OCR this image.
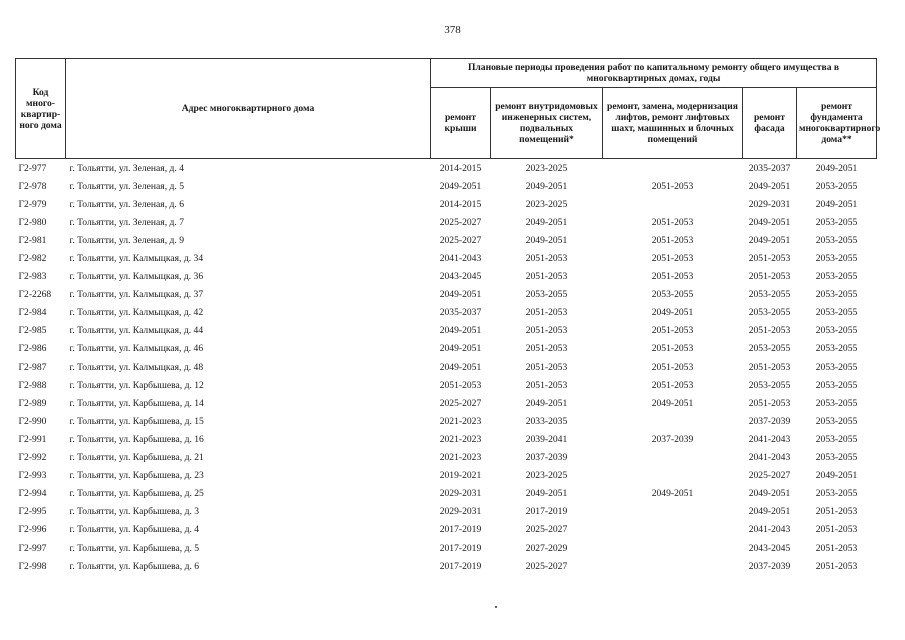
378
Код много-квартир-ного дома	Адрес многоквартирного дома	Плановые периоды проведения работ по капитальному ремонту общего имущества в многоквартирных домах, годы				
		ремонт крыши	ремонт внутридомовых инженерных систем, подвальных помещений*	ремонт, замена, модернизация лифтов, ремонт лифтовых шахт, машинных и блочных помещений	ремонт фасада	ремонт фундамента многоквартирного дома**
Г2-977	г. Тольятти, ул. Зеленая, д. 4	2014-2015	2023-2025		2035-2037	2049-2051
Г2-978	г. Тольятти, ул. Зеленая, д. 5	2049-2051	2049-2051	2051-2053	2049-2051	2053-2055
Г2-979	г. Тольятти, ул. Зеленая, д. 6	2014-2015	2023-2025		2029-2031	2049-2051
Г2-980	г. Тольятти, ул. Зеленая, д. 7	2025-2027	2049-2051	2051-2053	2049-2051	2053-2055
Г2-981	г. Тольятти, ул. Зеленая, д. 9	2025-2027	2049-2051	2051-2053	2049-2051	2053-2055
Г2-982	г. Тольятти, ул. Калмыцкая, д. 34	2041-2043	2051-2053	2051-2053	2051-2053	2053-2055
Г2-983	г. Тольятти, ул. Калмыцкая, д. 36	2043-2045	2051-2053	2051-2053	2051-2053	2053-2055
Г2-2268	г. Тольятти, ул. Калмыцкая, д. 37	2049-2051	2053-2055	2053-2055	2053-2055	2053-2055
Г2-984	г. Тольятти, ул. Калмыцкая, д. 42	2035-2037	2051-2053	2049-2051	2053-2055	2053-2055
Г2-985	г. Тольятти, ул. Калмыцкая, д. 44	2049-2051	2051-2053	2051-2053	2051-2053	2053-2055
Г2-986	г. Тольятти, ул. Калмыцкая, д. 46	2049-2051	2051-2053	2051-2053	2053-2055	2053-2055
Г2-987	г. Тольятти, ул. Калмыцкая, д. 48	2049-2051	2051-2053	2051-2053	2051-2053	2053-2055
Г2-988	г. Тольятти, ул. Карбышева, д. 12	2051-2053	2051-2053	2051-2053	2053-2055	2053-2055
Г2-989	г. Тольятти, ул. Карбышева, д. 14	2025-2027	2049-2051	2049-2051	2051-2053	2053-2055
Г2-990	г. Тольятти, ул. Карбышева, д. 15	2021-2023	2033-2035		2037-2039	2053-2055
Г2-991	г. Тольятти, ул. Карбышева, д. 16	2021-2023	2039-2041	2037-2039	2041-2043	2053-2055
Г2-992	г. Тольятти, ул. Карбышева, д. 21	2021-2023	2037-2039		2041-2043	2053-2055
Г2-993	г. Тольятти, ул. Карбышева, д. 23	2019-2021	2023-2025		2025-2027	2049-2051
Г2-994	г. Тольятти, ул. Карбышева, д. 25	2029-2031	2049-2051	2049-2051	2049-2051	2053-2055
Г2-995	г. Тольятти, ул. Карбышева, д. 3	2029-2031	2017-2019		2049-2051	2051-2053
Г2-996	г. Тольятти, ул. Карбышева, д. 4	2017-2019	2025-2027		2041-2043	2051-2053
Г2-997	г. Тольятти, ул. Карбышева, д. 5	2017-2019	2027-2029		2043-2045	2051-2053
Г2-998	г. Тольятти, ул. Карбышева, д. 6	2017-2019	2025-2027		2037-2039	2051-2053
